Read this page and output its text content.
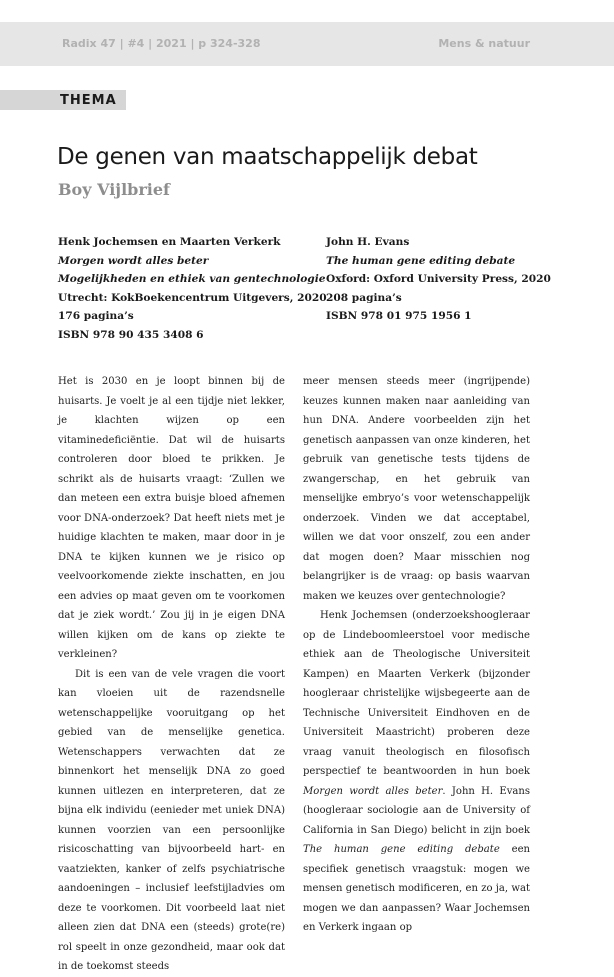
Radix 47 | #4 | 2021 | p 324-328	Mens & natuur
THEMA
De genen van maatschappelijk debat
Boy Vijlbrief
Henk Jochemsen en Maarten Verkerk
Morgen wordt alles beter
Mogelijkheden en ethiek van gentechnologie
Utrecht: KokBoekencentrum Uitgevers, 2020
176 pagina’s
ISBN 978 90 435 3408 6
John H. Evans
The human gene editing debate
Oxford: Oxford University Press, 2020
208 pagina’s
ISBN 978 01 975 1956 1

Het is 2030 en je loopt binnen bij de huisarts. Je voelt je al een tijdje niet lekker, je klachten wijzen op een vitaminedeficiëntie. Dat wil de huisarts controleren door bloed te prikken. Je schrikt als de huisarts vraagt: ‘Zullen we dan meteen een extra buisje bloed afnemen voor DNA-onderzoek? Dat heeft niets met je huidige klachten te maken, maar door in je DNA te kijken kunnen we je risico op veelvoorkomende ziekte inschatten, en jou een advies op maat geven om te voorkomen dat je ziek wordt.’ Zou jij in je eigen DNA willen kijken om de kans op ziekte te verkleinen?

Dit is een van de vele vragen die voort kan vloeien uit de razendsnelle wetenschappelijke vooruitgang op het gebied van de menselijke genetica. Wetenschappers verwachten dat ze binnenkort het menselijk DNA zo goed kunnen uitlezen en interpreteren, dat ze bijna elk individu (eenieder met uniek DNA) kunnen voorzien van een persoonlijke risicoschatting van bijvoorbeeld hart- en vaatziekten, kanker of zelfs psychiatrische aandoeningen – inclusief leefstijladvies om deze te voorkomen. Dit voorbeeld laat niet alleen zien dat DNA een (steeds) grote(re) rol speelt in onze gezondheid, maar ook dat in de toekomst steeds

meer mensen steeds meer (ingrijpende) keuzes kunnen maken naar aanleiding van hun DNA. Andere voorbeelden zijn het genetisch aanpassen van onze kinderen, het gebruik van genetische tests tijdens de zwangerschap, en het gebruik van menselijke embryo’s voor wetenschappelijk onderzoek. Vinden we dat acceptabel, willen we dat voor onszelf, zou een ander dat mogen doen? Maar misschien nog belangrijker is de vraag: op basis waarvan maken we keuzes over gentechnologie?

Henk Jochemsen (onderzoekshoogleraar op de Lindeboomleerstoel voor medische ethiek aan de Theologische Universiteit Kampen) en Maarten Verkerk (bijzonder hoogleraar christelijke wijsbegeerte aan de Technische Universiteit Eindhoven en de Universiteit Maastricht) proberen deze vraag vanuit theologisch en filosofisch perspectief te beantwoorden in hun boek Morgen wordt alles beter. John H. Evans (hoogleraar sociologie aan de University of California in San Diego) belicht in zijn boek The human gene editing debate een specifiek genetisch vraagstuk: mogen we mensen genetisch modificeren, en zo ja, wat mogen we dan aanpassen? Waar Jochemsen en Verkerk ingaan op
